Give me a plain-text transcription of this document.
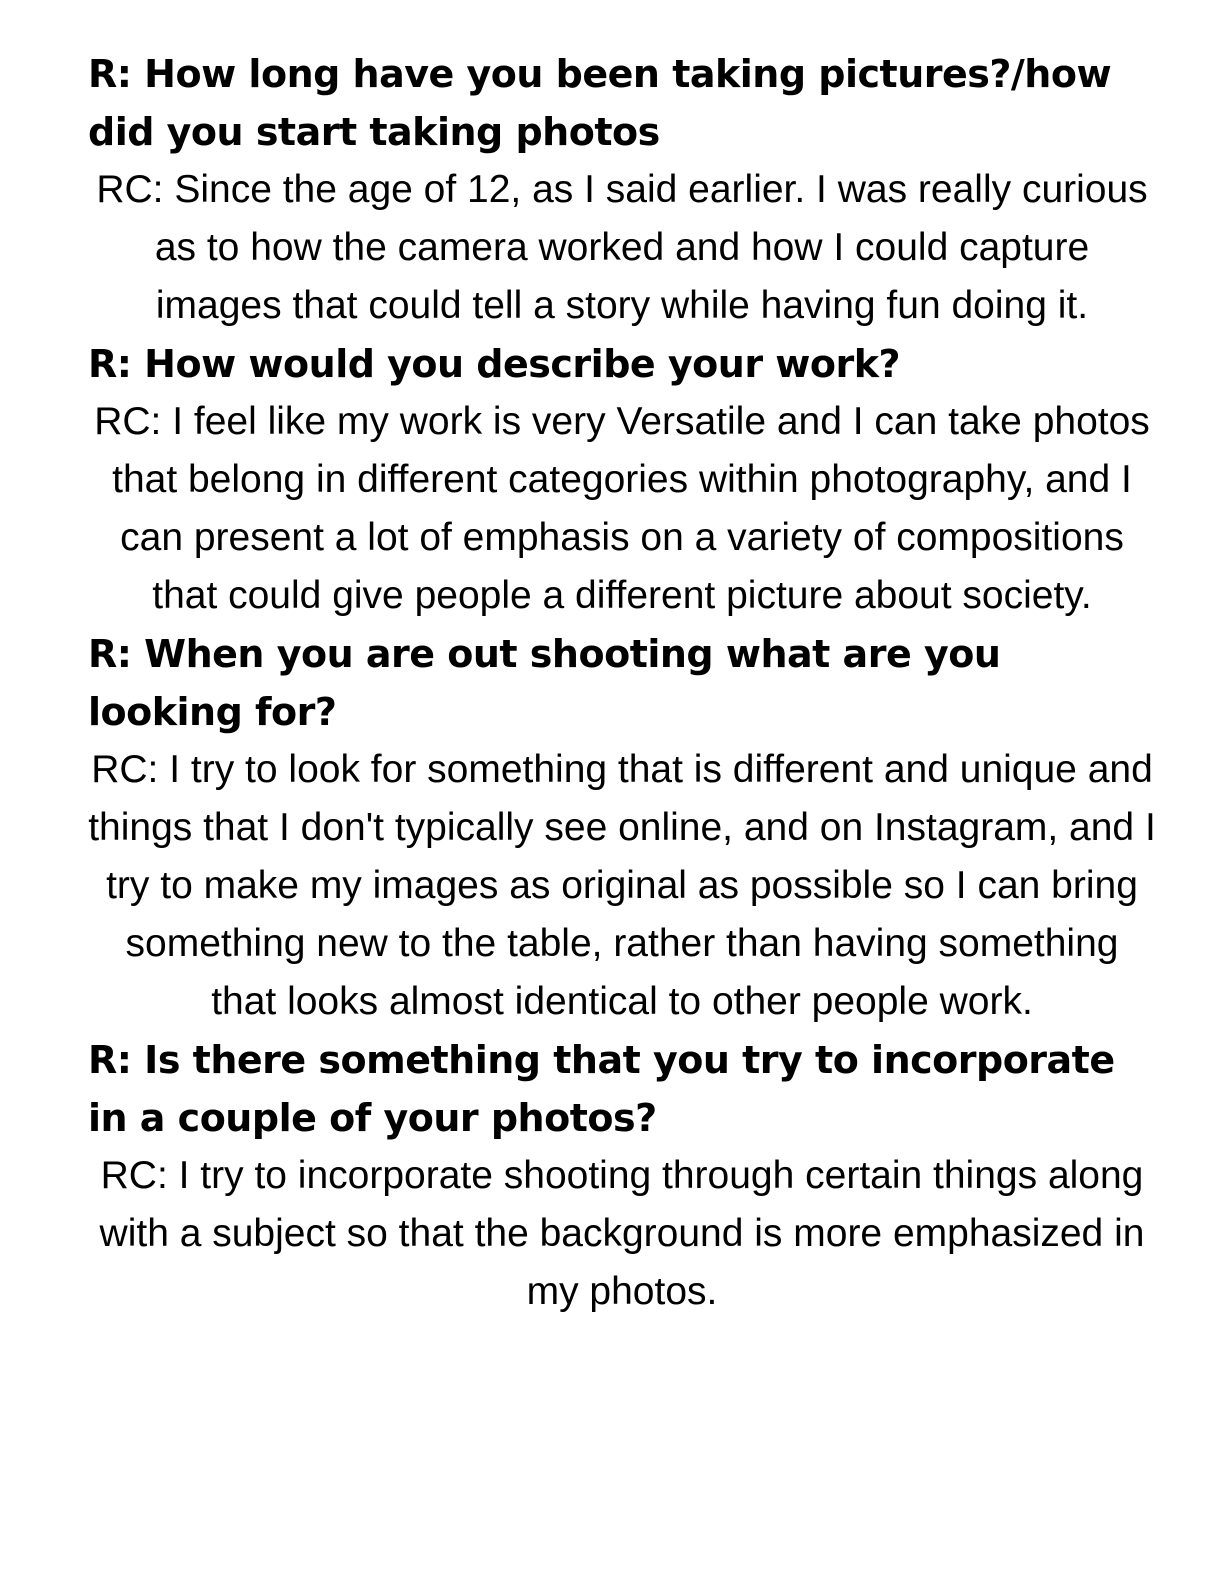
R: How long have you been taking pictures?/how did you start taking photos

RC: Since the age of 12, as I said earlier. I was really curious as to how the camera worked and how I could capture images that could tell a story while having fun doing it.

R: How would you describe your work?

RC: I feel like my work is very Versatile and I can take photos that belong in different categories within photography, and I can present a lot of emphasis on a variety of compositions that could give people a different picture about society.

R: When you are out shooting what are you looking for?

RC: I try to look for something that is different and unique and things that I don't typically see online, and on Instagram, and I try to make my images as original as possible so I can bring something new to the table, rather than having something that looks almost identical to other people work.

R: Is there something that you try to incorporate in a couple of your photos?

RC: I try to incorporate shooting through certain things along with a subject so that the background is more emphasized in my photos.
